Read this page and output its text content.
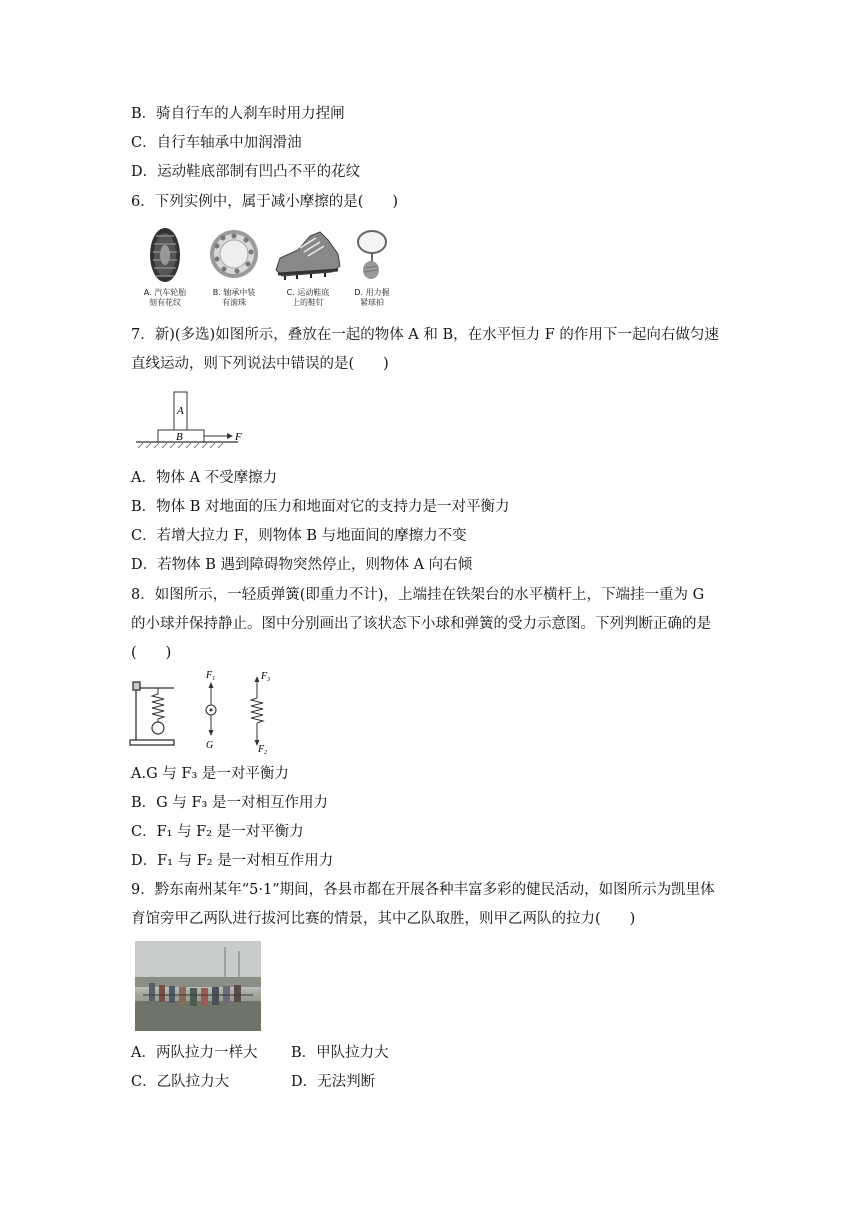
B．骑自行车的人刹车时用力捏闸
C．自行车轴承中加润滑油
D．运动鞋底部制有凹凸不平的花纹
6．下列实例中，属于减小摩擦的是(　　)
A. 汽车轮胎
刻有花纹
B. 轴承中装
有滚珠
C. 运动鞋底
上的鞋钉
D. 用力握
紧球拍
7．新)(多选)如图所示，叠放在一起的物体 A 和 B，在水平恒力 F 的作用下一起向右做匀速
直线运动，则下列说法中错误的是(　　)
A
B	F
A．物体 A 不受摩擦力
B．物体 B 对地面的压力和地面对它的支持力是一对平衡力
C．若增大拉力 F，则物体 B 与地面间的摩擦力不变
D．若物体 B 遇到障碍物突然停止，则物体 A 向右倾
8．如图所示，一轻质弹簧(即重力不计)，上端挂在铁架台的水平横杆上，下端挂一重为 G
的小球并保持静止。图中分别画出了该状态下小球和弹簧的受力示意图。下列判断正确的是
(　　)
$F_1$
G
$F_3$
$F_2$
A.G 与 F₃ 是一对平衡力
B．G 与 F₃ 是一对相互作用力
C．F₁ 与 F₂ 是一对平衡力
D．F₁ 与 F₂ 是一对相互作用力
9．黔东南州某年“5·1”期间，各县市都在开展各种丰富多彩的健民活动，如图所示为凯里体
育馆旁甲乙两队进行拔河比赛的情景，其中乙队取胜，则甲乙两队的拉力(　　)
A．两队拉力一样大 B．甲队拉力大
C．乙队拉力大	D．无法判断
